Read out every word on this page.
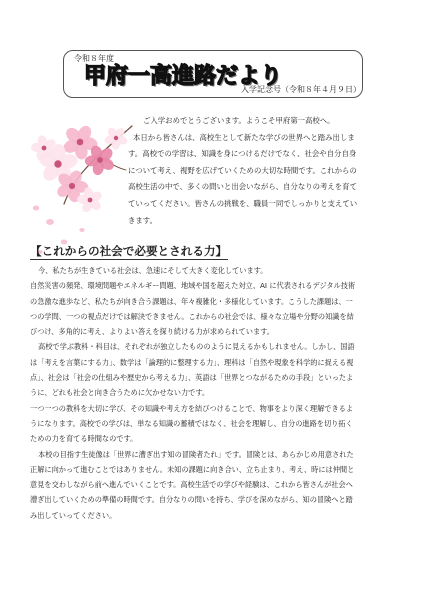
令和８年度
甲府一高進路だより
入学記念号（令和８年４月９日）

ご入学おめでとうございます。ようこそ甲府第一高校へ。

本日から皆さんは、高校生として新たな学びの世界へと踏み出しま

す。高校での学習は、知識を身につけるだけでなく、社会や自分自身

について考え、視野を広げていくための大切な時間です。これからの

高校生活の中で、多くの問いと出会いながら、自分なりの考えを育て

ていってください。皆さんの挑戦を、職員一同でしっかりと支えてい

きます。

【これからの社会で必要とされる力】

今、私たちが生きている社会は、急速にそして大きく変化しています。

自然災害の頻発、環境問題やエネルギー問題、地域や国を超えた対立、AI に代表されるデジタル技術

の急激な進歩など、私たちが向き合う課題は、年々複雑化・多様化しています。こうした課題は、一

つの学問、一つの視点だけでは解決できません。これからの社会では、様々な立場や分野の知識を結

びつけ、多角的に考え、よりよい答えを探り続ける力が求められています。

高校で学ぶ教科・科目は、それぞれが独立したもののように見えるかもしれません。しかし、国語

は「考えを言葉にする力」、数学は「論理的に整理する力」、理科は「自然や現象を科学的に捉える視

点」、社会は「社会の仕組みや歴史から考える力」、英語は「世界とつながるための手段」といったよ

うに、どれも社会と向き合うために欠かせない力です。

一つ一つの教科を大切に学び、その知識や考え方を結びつけることで、物事をより深く理解できるよ

うになります。高校での学びは、単なる知識の蓄積ではなく、社会を理解し、自分の進路を切り拓く

ための力を育てる時間なのです。

本校の目指す生徒像は「世界に漕ぎ出す知の冒険者たれ」です。冒険とは、あらかじめ用意された

正解に向かって進むことではありません。未知の課題に向き合い、立ち止まり、考え、時には仲間と

意見を交わしながら前へ進んでいくことです。高校生活での学びや経験は、これから皆さんが社会へ

漕ぎ出していくための準備の時間です。自分なりの問いを持ち、学びを深めながら、知の冒険へと踏

み出していってください。
